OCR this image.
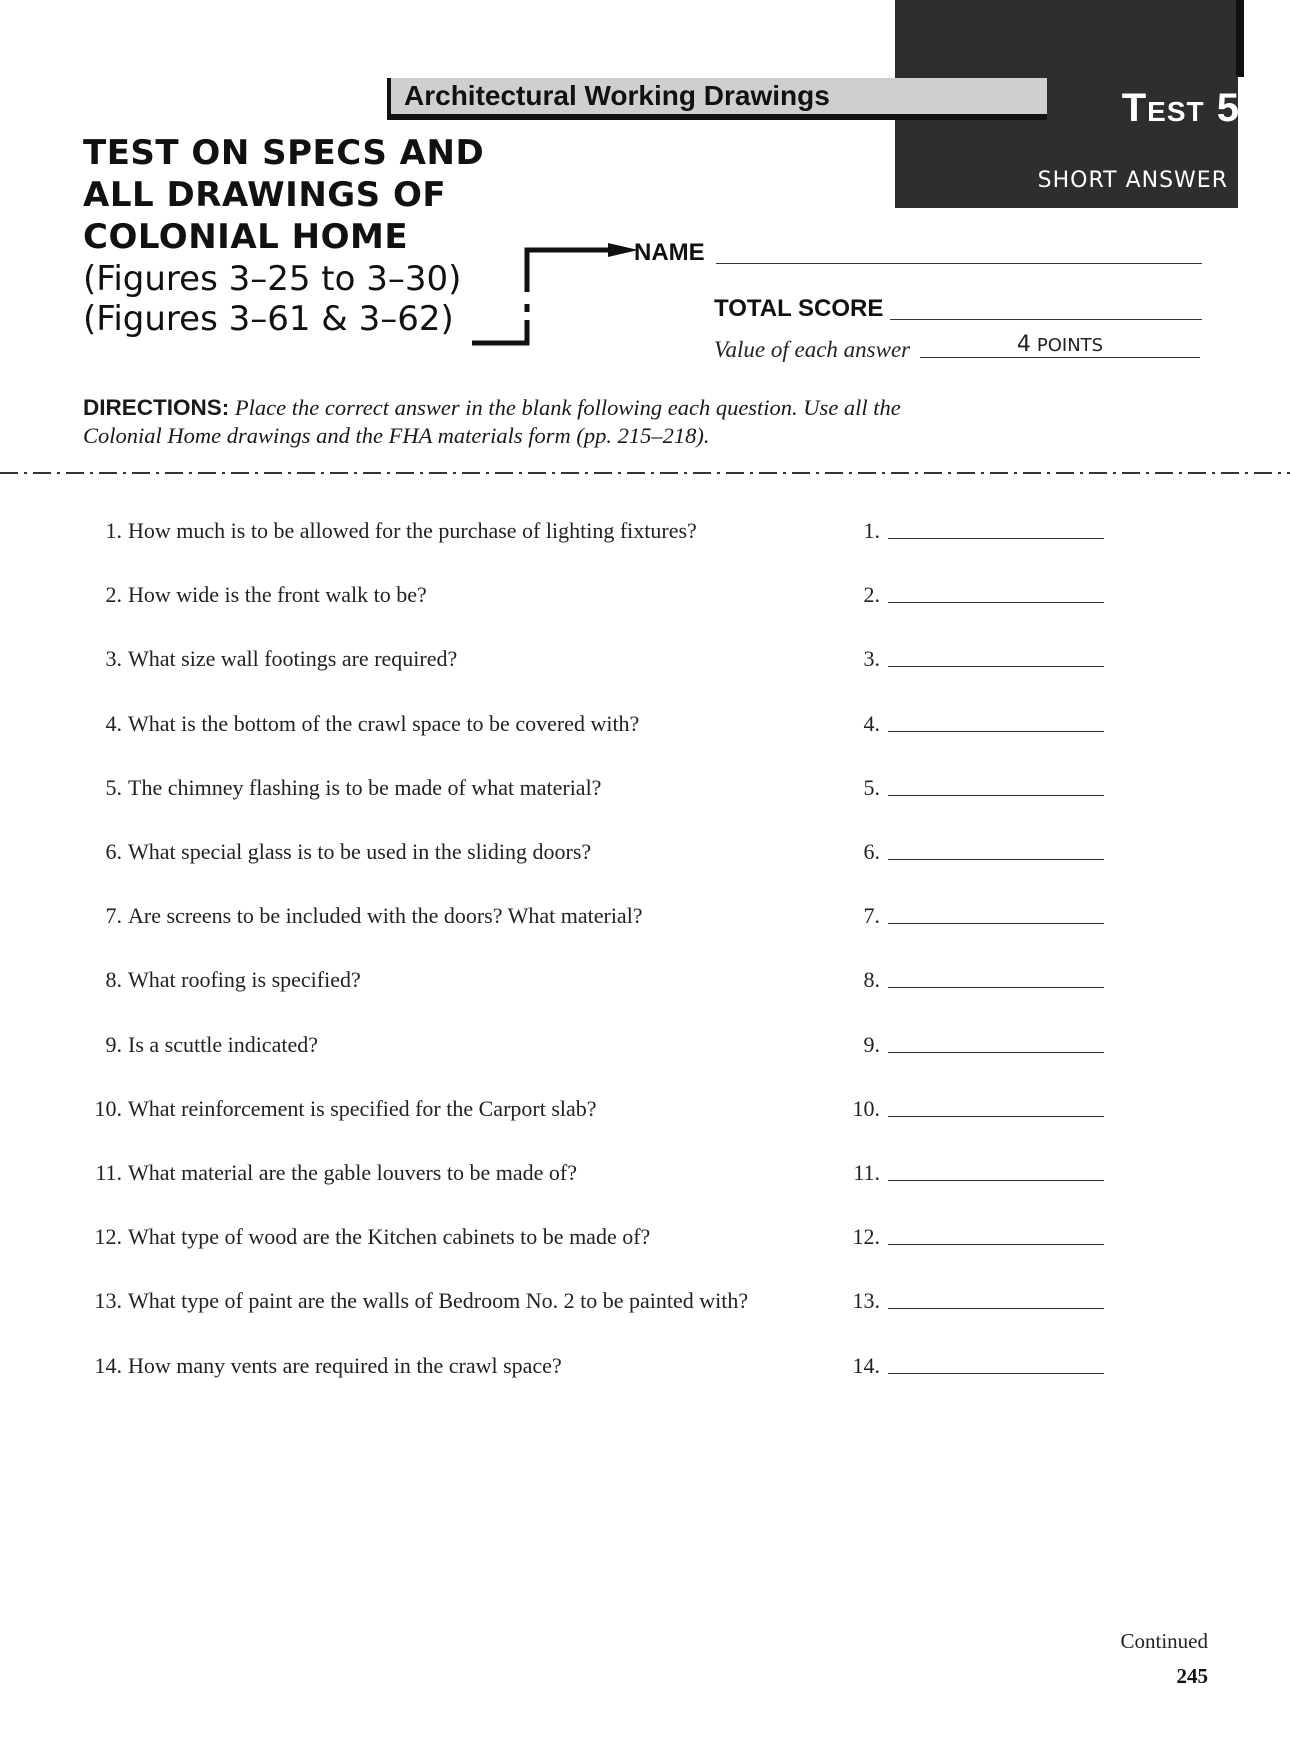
Test 5
SHORT ANSWER
Architectural Working Drawings
TEST ON SPECS AND
ALL DRAWINGS OF
COLONIAL HOME
(Figures 3–25 to 3–30)
(Figures 3–61 & 3–62)
NAME
TOTAL SCORE
Value of each answer	4 POINTS
DIRECTIONS: Place the correct answer in the blank following each question. Use all the Colonial Home drawings and the FHA materials form (pp. 215–218).
1. How much is to be allowed for the purchase of lighting fixtures?	1.
2. How wide is the front walk to be?	2.
3. What size wall footings are required?	3.
4. What is the bottom of the crawl space to be covered with?	4.
5. The chimney flashing is to be made of what material?	5.
6. What special glass is to be used in the sliding doors?	6.
7. Are screens to be included with the doors? What material?	7.
8. What roofing is specified?	8.
9. Is a scuttle indicated?	9.
10. What reinforcement is specified for the Carport slab?	10.
11. What material are the gable louvers to be made of?	11.
12. What type of wood are the Kitchen cabinets to be made of?	12.
13. What type of paint are the walls of Bedroom No. 2 to be painted with?	13.
14. How many vents are required in the crawl space?	14.
Continued
245
